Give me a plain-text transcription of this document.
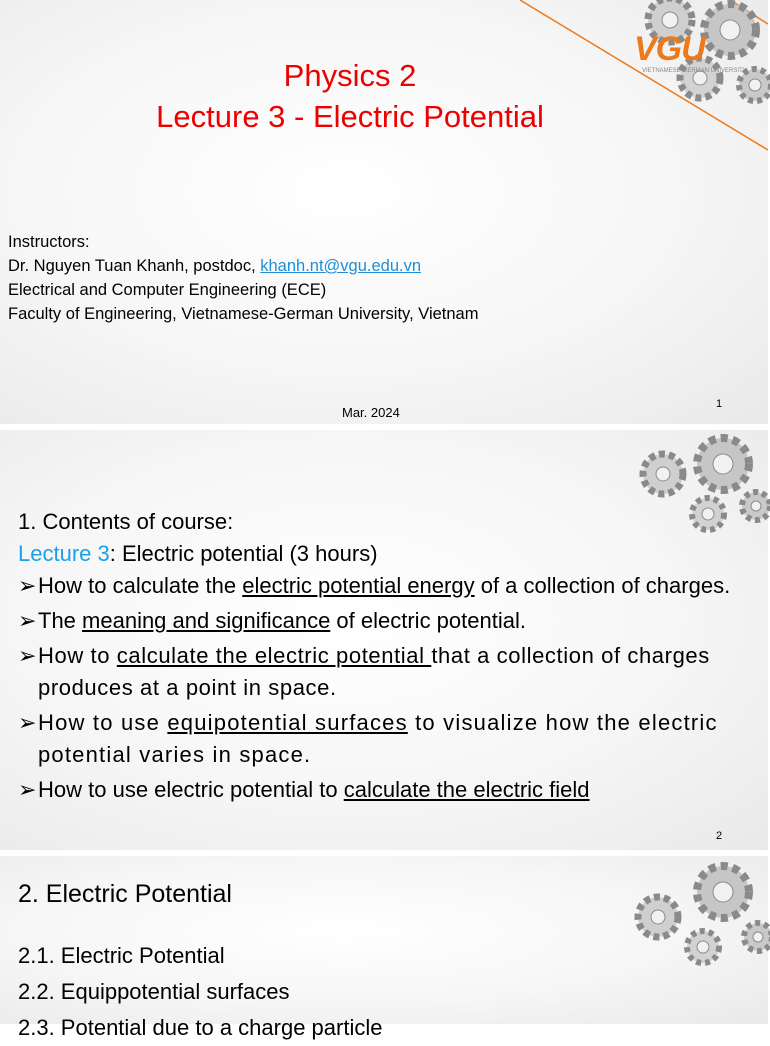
VGU
VIETNAMESE-GERMAN UNIVERSITY
Physics 2
Lecture 3 - Electric Potential
Instructors:
Dr. Nguyen Tuan Khanh, postdoc, khanh.nt@vgu.edu.vn
Electrical and Computer Engineering (ECE)
Faculty of Engineering, Vietnamese-German University, Vietnam
Mar. 2024
1

1. Contents of course:

Lecture 3: Electric potential (3 hours)

➢How to calculate the electric potential energy of a collection of charges.
➢The meaning and significance of electric potential.
➢How to calculate the electric potential that a collection of charges produces at a point in space.
➢How to use equipotential surfaces to visualize how the electric potential varies in space.
➢How to use electric potential to calculate the electric field
2
2. Electric Potential
2.1. Electric Potential
2.2. Equippotential surfaces
2.3. Potential due to a charge particle
